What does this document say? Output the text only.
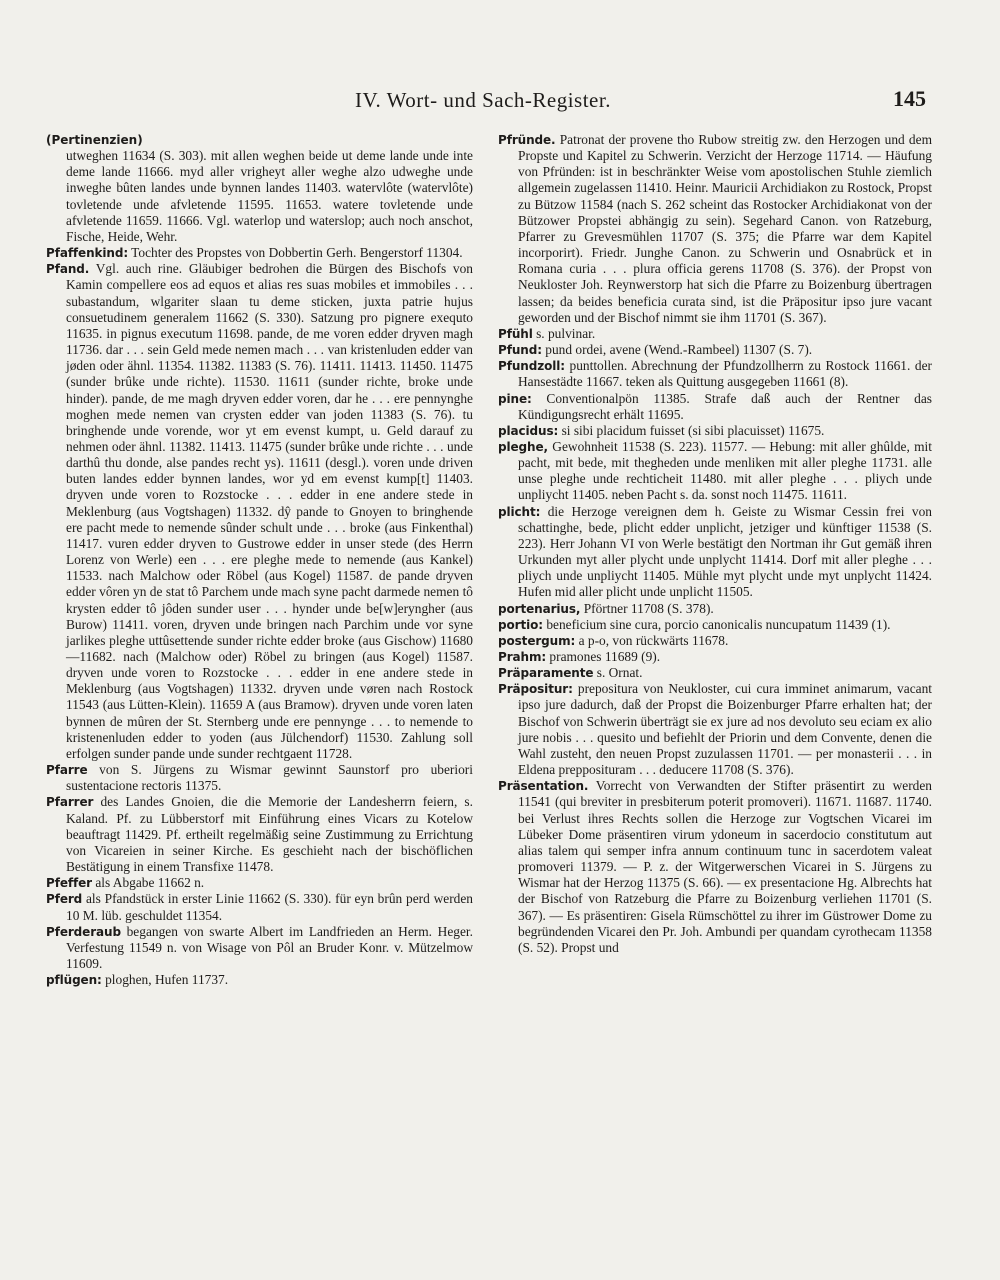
IV. Wort- und Sach-Register.	145

(Pertinenzien)

utweghen 11634 (S. 303). mit allen weghen beide ut deme lande unde inte deme lande 11666. myd aller vrigheyt aller weghe alzo udweghe unde inweghe bûten landes unde bynnen landes 11403. watervlôte (watervlôte) tovletende unde afvletende 11595. 11653. watere tovletende unde afvletende 11659. 11666. Vgl. waterlop und waterslop; auch noch anschot, Fische, Heide, Wehr.

Pfaffenkind: Tochter des Propstes von Dobbertin Gerh. Bengerstorf 11304.

Pfand. Vgl. auch rine. Gläubiger bedrohen die Bürgen des Bischofs von Kamin compellere eos ad equos et alias res suas mobiles et immobiles . . . subastandum, wlgariter slaan tu deme sticken, juxta patrie hujus consuetudinem generalem 11662 (S. 330). Satzung pro pignere exequto 11635. in pignus executum 11698. pande, de me voren edder dryven magh 11736. dar . . . sein Geld mede nemen mach . . . van kristenluden edder van jøden oder ähnl. 11354. 11382. 11383 (S. 76). 11411. 11413. 11450. 11475 (sunder brûke unde richte). 11530. 11611 (sunder richte, broke unde hinder). pande, de me magh dryven edder voren, dar he . . . ere pennynghe moghen mede nemen van crysten edder van joden 11383 (S. 76). tu bringhende unde vorende, wor yt em evenst kumpt, u. Geld darauf zu nehmen oder ähnl. 11382. 11413. 11475 (sunder brûke unde richte . . . unde darthû thu donde, alse pandes recht ys). 11611 (desgl.). voren unde driven buten landes edder bynnen landes, wor yd em evenst kump[t] 11403. dryven unde voren to Rozstocke . . . edder in ene andere stede in Meklenburg (aus Vogtshagen) 11332. dŷ pande to Gnoyen to bringhende ere pacht mede to nemende sûnder schult unde . . . broke (aus Finkenthal) 11417. vuren edder dryven to Gustrowe edder in unser stede (des Herrn Lorenz von Werle) een . . . ere pleghe mede to nemende (aus Kankel) 11533. nach Malchow oder Röbel (aus Kogel) 11587. de pande dryven edder vôren yn de stat tô Parchem unde mach syne pacht darmede nemen tô krysten edder tô jôden sunder user . . . hynder unde be[w]eryngher (aus Burow) 11411. voren, dryven unde bringen nach Parchim unde vor syne jarlikes pleghe uttûsettende sunder richte edder broke (aus Gischow) 11680—11682. nach (Malchow oder) Röbel zu bringen (aus Kogel) 11587. dryven unde voren to Rozstocke . . . edder in ene andere stede in Meklenburg (aus Vogtshagen) 11332. dryven unde vøren nach Rostock 11543 (aus Lütten-Klein). 11659 A (aus Bramow). dryven unde voren laten bynnen de mûren der St. Sternberg unde ere pennynge . . . to nemende to kristenenluden edder to yoden (aus Jülchendorf) 11530. Zahlung soll erfolgen sunder pande unde sunder rechtgaent 11728.

Pfarre von S. Jürgens zu Wismar gewinnt Saunstorf pro uberiori sustentacione rectoris 11375.

Pfarrer des Landes Gnoien, die die Memorie der Landesherrn feiern, s. Kaland. Pf. zu Lübberstorf mit Einführung eines Vicars zu Kotelow beauftragt 11429. Pf. ertheilt regelmäßig seine Zustimmung zu Errichtung von Vicareien in seiner Kirche. Es geschieht nach der bischöflichen Bestätigung in einem Transfixe 11478.

Pfeffer als Abgabe 11662 n.

Pferd als Pfandstück in erster Linie 11662 (S. 330). für eyn brûn perd werden 10 M. lüb. geschuldet 11354.

Pferderaub begangen von swarte Albert im Landfrieden an Herm. Heger. Verfestung 11549 n. von Wisage von Pôl an Bruder Konr. v. Mützelmow 11609.

pflügen: ploghen, Hufen 11737.

Pfründe. Patronat der provene tho Rubow streitig zw. den Herzogen und dem Propste und Kapitel zu Schwerin. Verzicht der Herzoge 11714. — Häufung von Pfründen: ist in beschränkter Weise vom apostolischen Stuhle ziemlich allgemein zugelassen 11410. Heinr. Mauricii Archidiakon zu Rostock, Propst zu Bützow 11584 (nach S. 262 scheint das Rostocker Archidiakonat von der Bützower Propstei abhängig zu sein). Segehard Canon. von Ratzeburg, Pfarrer zu Grevesmühlen 11707 (S. 375; die Pfarre war dem Kapitel incorporirt). Friedr. Junghe Canon. zu Schwerin und Osnabrück et in Romana curia . . . plura officia gerens 11708 (S. 376). der Propst von Neukloster Joh. Reynwerstorp hat sich die Pfarre zu Boizenburg übertragen lassen; da beides beneficia curata sind, ist die Präpositur ipso jure vacant geworden und der Bischof nimmt sie ihm 11701 (S. 367).

Pfühl s. pulvinar.

Pfund: pund ordei, avene (Wend.-Rambeel) 11307 (S. 7).

Pfundzoll: punttollen. Abrechnung der Pfundzollherrn zu Rostock 11661. der Hansestädte 11667. teken als Quittung ausgegeben 11661 (8).

pine: Conventionalpön 11385. Strafe daß auch der Rentner das Kündigungsrecht erhält 11695.

placidus: si sibi placidum fuisset (si sibi placuisset) 11675.

pleghe, Gewohnheit 11538 (S. 223). 11577. — Hebung: mit aller ghûlde, mit pacht, mit bede, mit thegheden unde menliken mit aller pleghe 11731. alle unse pleghe unde rechticheit 11480. mit aller pleghe . . . pliych unde unpliycht 11405. neben Pacht s. da. sonst noch 11475. 11611.

plicht: die Herzoge vereignen dem h. Geiste zu Wismar Cessin frei von schattinghe, bede, plicht edder unplicht, jetziger und künftiger 11538 (S. 223). Herr Johann VI von Werle bestätigt den Nortman ihr Gut gemäß ihren Urkunden myt aller plycht unde unplycht 11414. Dorf mit aller pleghe . . . pliych unde unpliycht 11405. Mühle myt plycht unde myt unplycht 11424. Hufen mid aller plicht unde unplicht 11505.

portenarius, Pförtner 11708 (S. 378).

portio: beneficium sine cura, porcio canonicalis nuncupatum 11439 (1).

postergum: a p-o, von rückwärts 11678.

Prahm: pramones 11689 (9).

Präparamente s. Ornat.

Präpositur: prepositura von Neukloster, cui cura imminet animarum, vacant ipso jure dadurch, daß der Propst die Boizenburger Pfarre erhalten hat; der Bischof von Schwerin überträgt sie ex jure ad nos devoluto seu eciam ex alio jure nobis . . . quesito und befiehlt der Priorin und dem Convente, denen die Wahl zusteht, den neuen Propst zuzulassen 11701. — per monasterii . . . in Eldena prepposituram . . . deducere 11708 (S. 376).

Präsentation. Vorrecht von Verwandten der Stifter präsentirt zu werden 11541 (qui breviter in presbiterum poterit promoveri). 11671. 11687. 11740. bei Verlust ihres Rechts sollen die Herzoge zur Vogtschen Vicarei im Lübeker Dome präsentiren virum ydoneum in sacerdocio constitutum aut alias talem qui semper infra annum continuum tunc in sacerdotem valeat promoveri 11379. — P. z. der Witgerwerschen Vicarei in S. Jürgens zu Wismar hat der Herzog 11375 (S. 66). — ex presentacione Hg. Albrechts hat der Bischof von Ratzeburg die Pfarre zu Boizenburg verliehen 11701 (S. 367). — Es präsentiren: Gisela Rümschöttel zu ihrer im Güstrower Dome zu begründenden Vicarei den Pr. Joh. Ambundi per quandam cyrothecam 11358 (S. 52). Propst und
